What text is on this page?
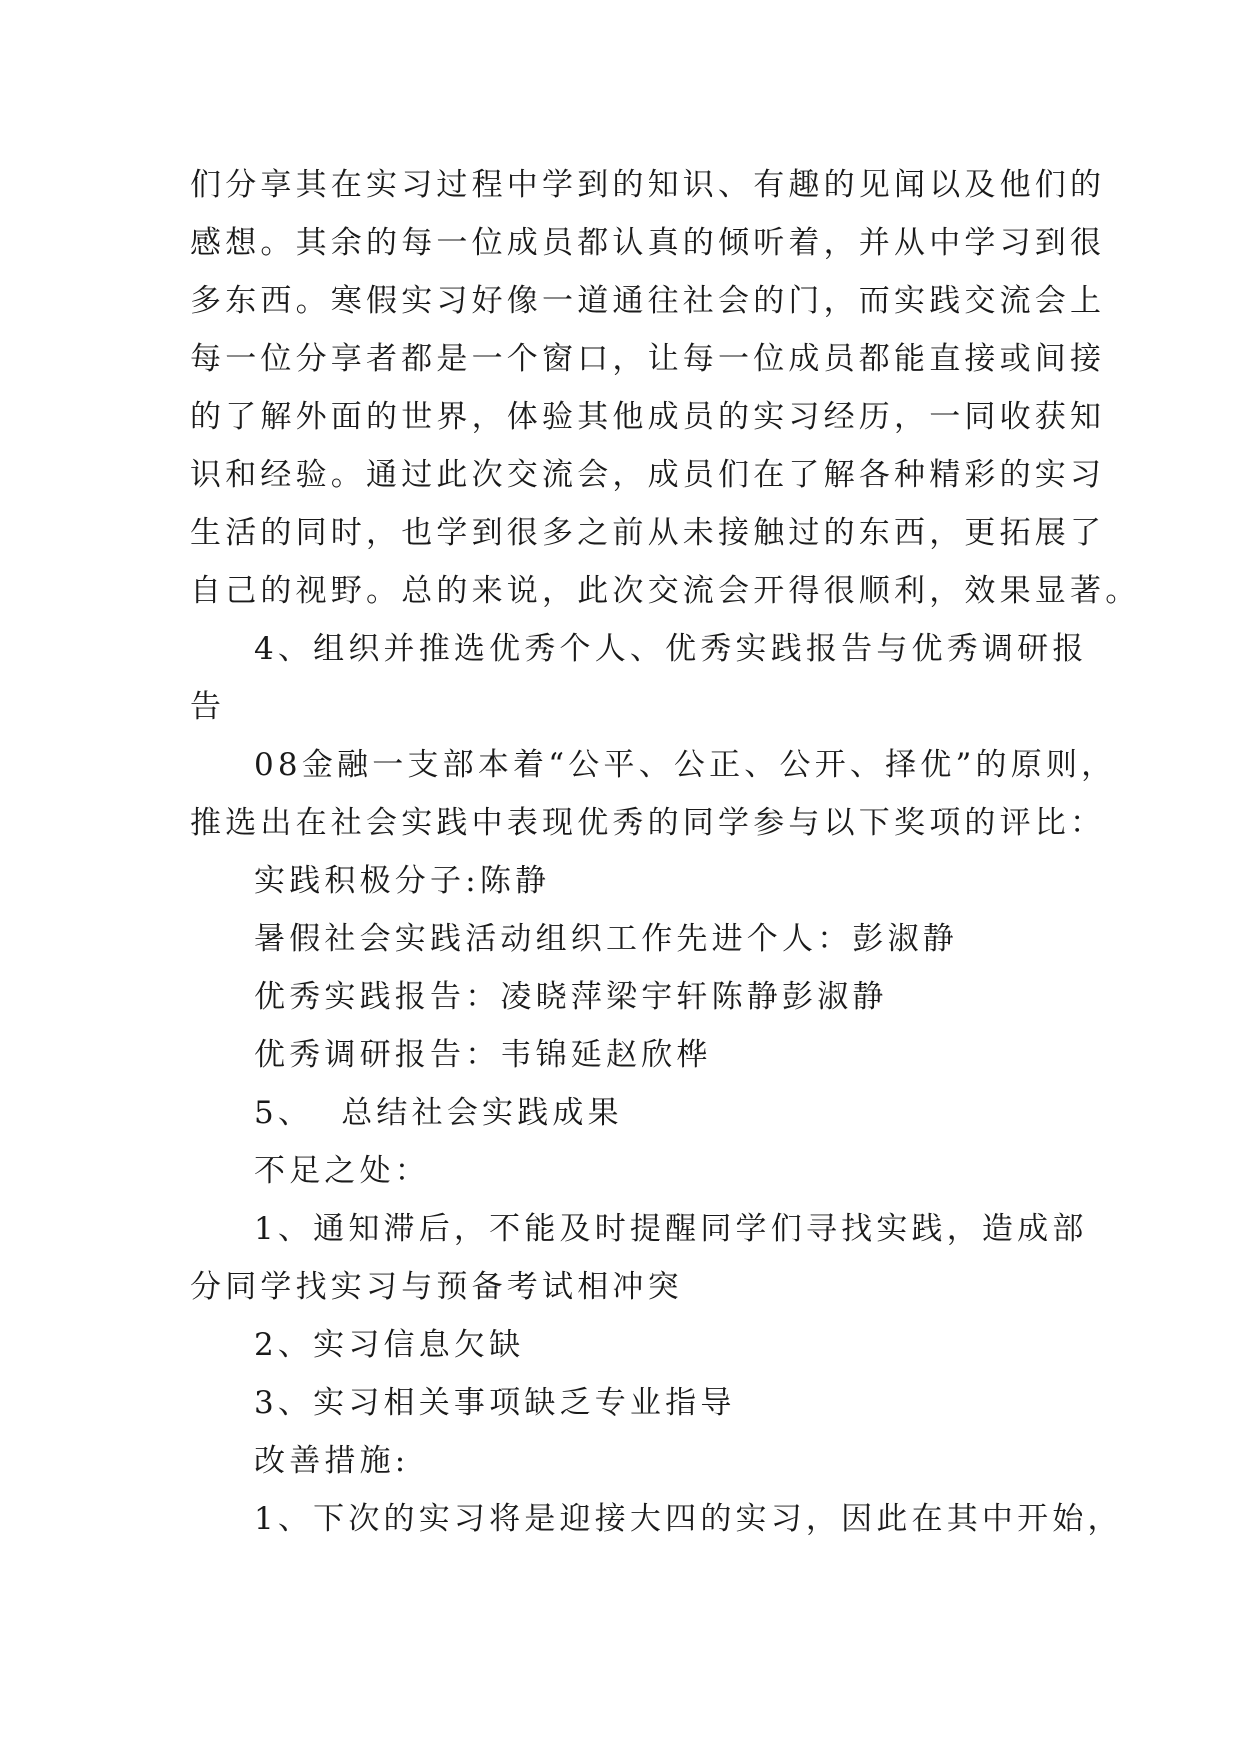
们分享其在实习过程中学到的知识、有趣的见闻以及他们的
感想。其余的每一位成员都认真的倾听着，并从中学习到很
多东西。寒假实习好像一道通往社会的门，而实践交流会上
每一位分享者都是一个窗口，让每一位成员都能直接或间接
的了解外面的世界，体验其他成员的实习经历，一同收获知
识和经验。通过此次交流会，成员们在了解各种精彩的实习
生活的同时，也学到很多之前从未接触过的东西，更拓展了
自己的视野。总的来说，此次交流会开得很顺利，效果显著。

4、组织并推选优秀个人、优秀实践报告与优秀调研报
告

08金融一支部本着“公平、公正、公开、择优”的原则，
推选出在社会实践中表现优秀的同学参与以下奖项的评比：

实践积极分子:陈静

暑假社会实践活动组织工作先进个人：彭淑静

优秀实践报告：凌晓萍梁宇轩陈静彭淑静

优秀调研报告：韦锦延赵欣桦

5、  总结社会实践成果

不足之处：

1、通知滞后，不能及时提醒同学们寻找实践，造成部
分同学找实习与预备考试相冲突

2、实习信息欠缺

3、实习相关事项缺乏专业指导

改善措施:

1、下次的实习将是迎接大四的实习，因此在其中开始，
